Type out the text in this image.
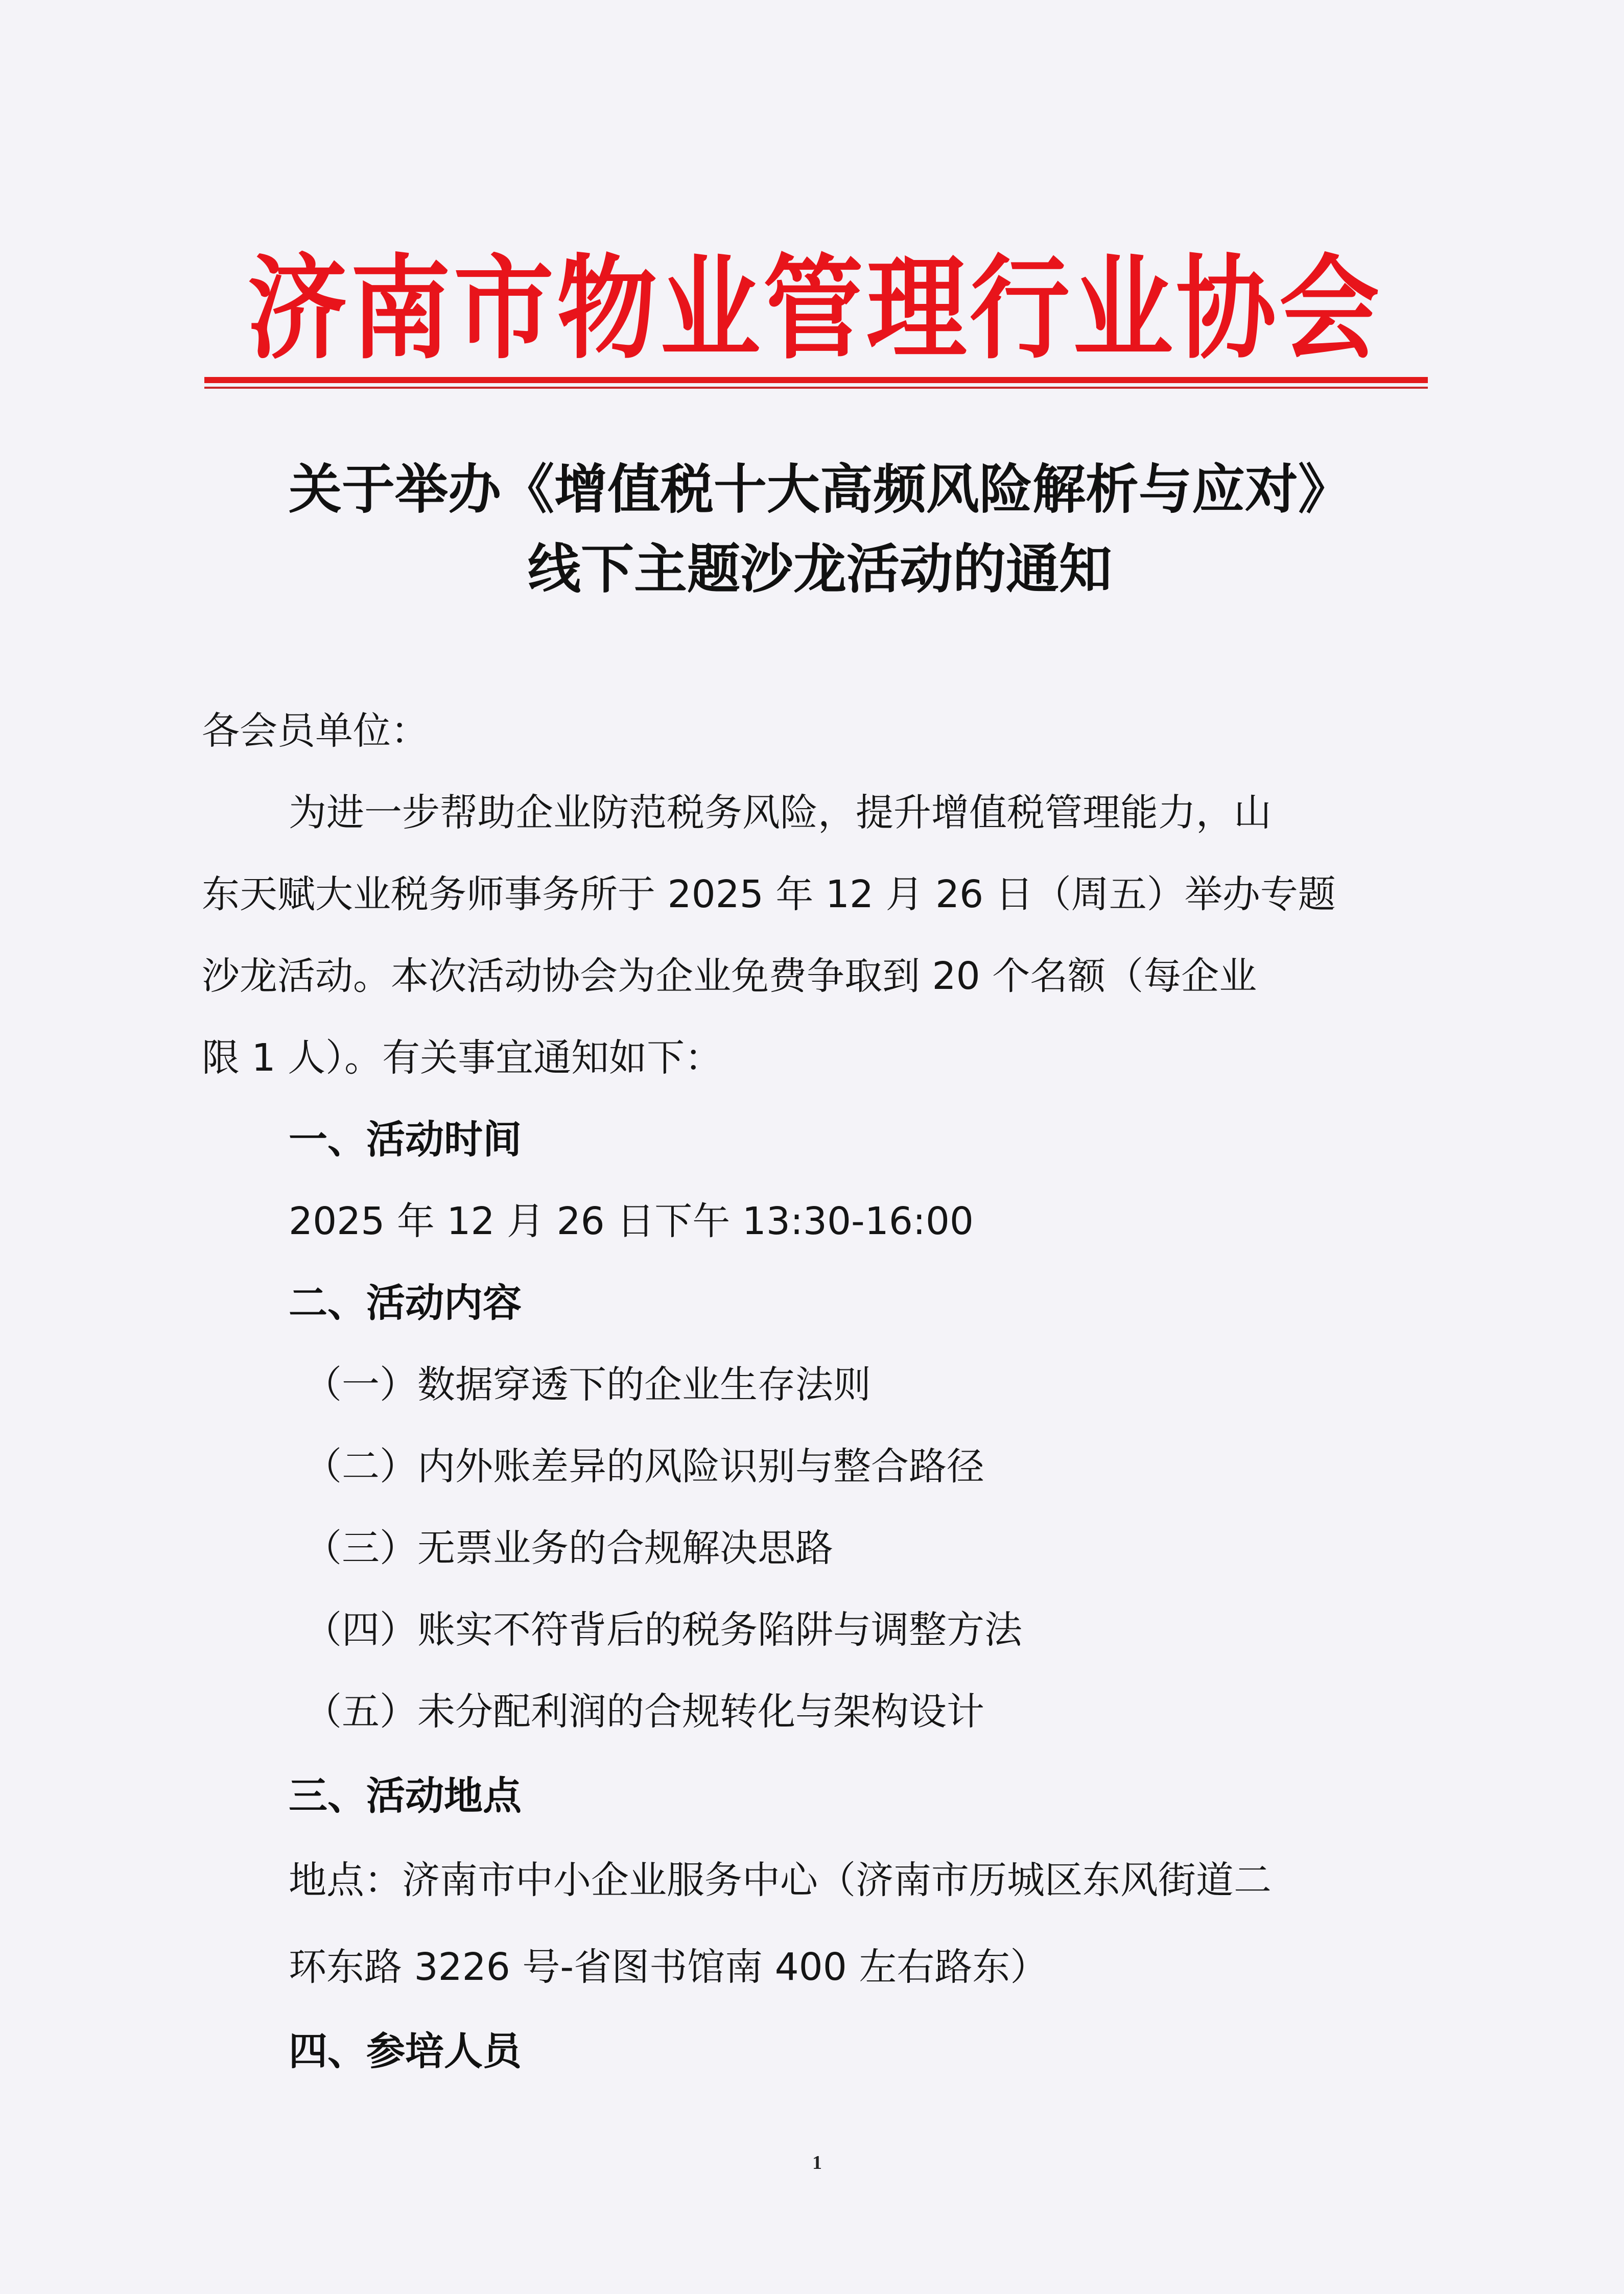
济南市物业管理行业协会
关于举办《增值税十大高频风险解析与应对》
线下主题沙龙活动的通知
各会员单位：
为进一步帮助企业防范税务风险，提升增值税管理能力，山
东天赋大业税务师事务所于 2025 年 12 月 26 日（周五）举办专题
沙龙活动。本次活动协会为企业免费争取到 20 个名额（每企业
限 1 人）。有关事宜通知如下：
一、活动时间
2025 年 12 月 26 日下午 13:30-16:00
二、活动内容
（一）数据穿透下的企业生存法则
（二）内外账差异的风险识别与整合路径
（三）无票业务的合规解决思路
（四）账实不符背后的税务陷阱与调整方法
（五）未分配利润的合规转化与架构设计
三、活动地点
地点：济南市中小企业服务中心（济南市历城区东风街道二
环东路 3226 号-省图书馆南 400 左右路东）
四、参培人员
1
